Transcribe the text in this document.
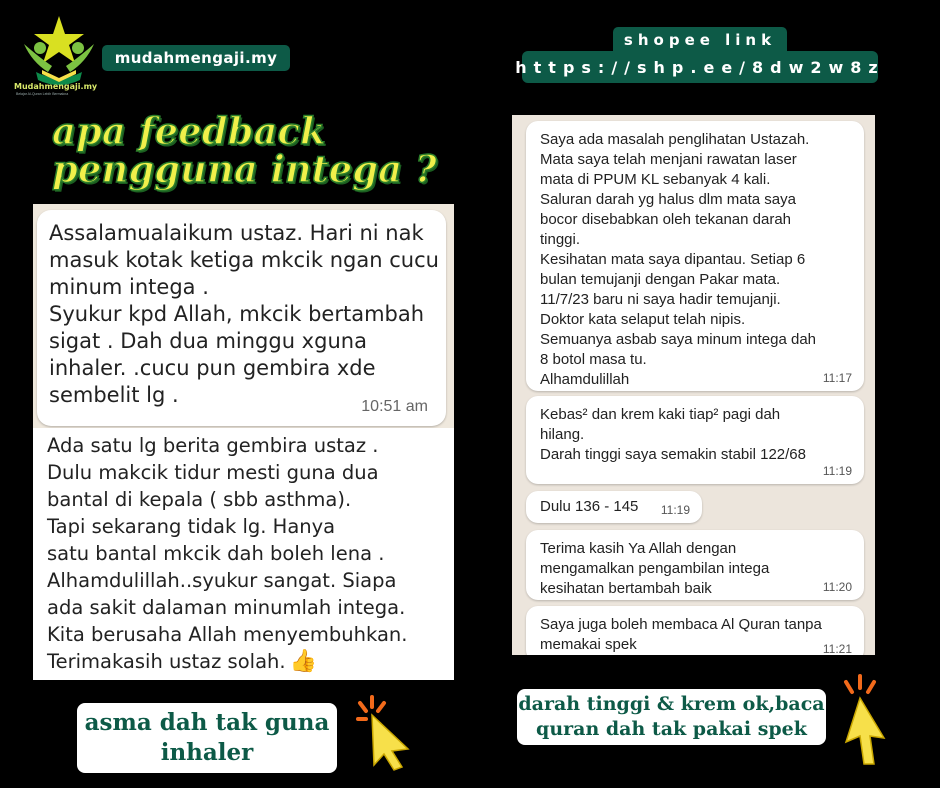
Mudahmengaji.my
Belajar Al-Quran Lebih Bermakna
mudahmengaji.my
shopee link
https://shp.ee/8dw2w8z
apa feedback
pengguna intega ?
Assalamualaikum ustaz. Hari ni nak
masuk kotak ketiga mkcik ngan cucu
minum intega .
Syukur kpd Allah, mkcik bertambah
sigat . Dah dua minggu xguna
inhaler. .cucu pun gembira xde
sembelit lg .	10:51 am
Ada satu lg berita gembira ustaz .
Dulu makcik tidur mesti guna dua
bantal di kepala ( sbb asthma).
Tapi sekarang tidak lg. Hanya
satu bantal mkcik dah boleh lena .
Alhamdulillah..syukur sangat. Siapa
ada sakit dalaman minumlah intega.
Kita berusaha Allah menyembuhkan.
Terimakasih ustaz solah. 👍
Saya ada masalah penglihatan Ustazah.
Mata saya telah menjani rawatan laser
mata di PPUM KL sebanyak 4 kali.
Saluran darah yg halus dlm mata saya
bocor disebabkan oleh tekanan darah
tinggi.
Kesihatan mata saya dipantau. Setiap 6
bulan temujanji dengan Pakar mata.
11/7/23 baru ni saya hadir temujanji.
Doktor kata selaput telah nipis.
Semuanya asbab saya minum intega dah
8 botol masa tu.
Alhamdulillah	11:17
Kebas² dan krem kaki tiap² pagi dah
hilang.
Darah tinggi saya semakin stabil 122/68
11:19
Dulu 136 - 145 11:19
Terima kasih Ya Allah dengan
mengamalkan pengambilan intega
kesihatan bertambah baik	11:20
Saya juga boleh membaca Al Quran tanpa
memakai spek	11:21
asma dah tak guna inhaler
darah tinggi & krem ok,baca quran dah tak pakai spek
